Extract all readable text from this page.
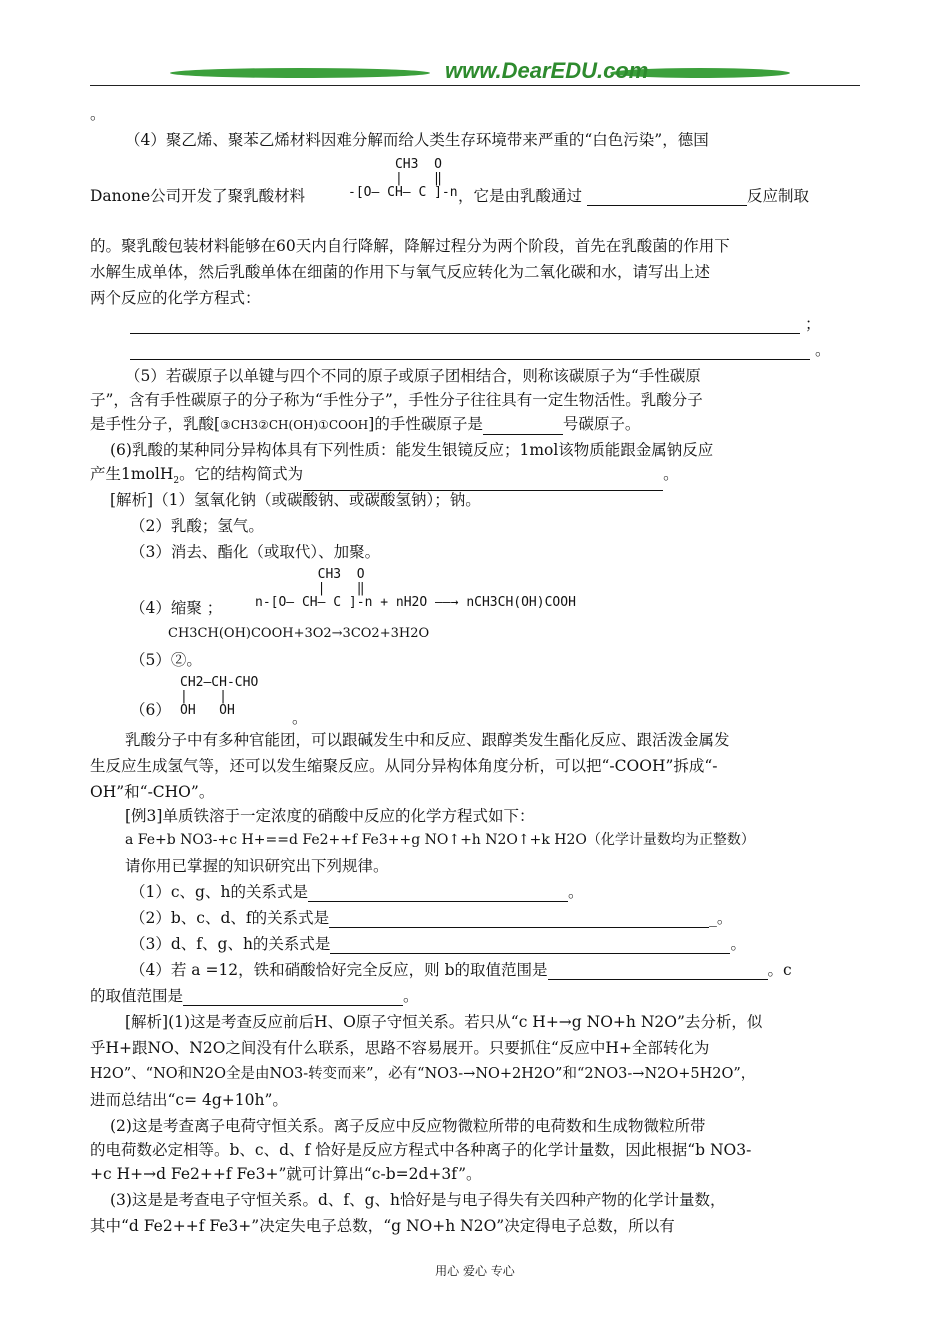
www.DearEDU.com
。
（4）聚乙烯、聚苯乙烯材料因难分解而给人类生存环境带来严重的“白色污染”，德国
Danone公司开发了聚乳酸材料
CH3  O
|    ‖
-[O— CH— C ]-n ，它是由乳酸通过	反应制取
的。聚乳酸包装材料能够在60天内自行降解，降解过程分为两个阶段，首先在乳酸菌的作用下
水解生成单体，然后乳酸单体在细菌的作用下与氧气反应转化为二氧化碳和水，请写出上述
两个反应的化学方程式：
；
。
（5）若碳原子以单键与四个不同的原子或原子团相结合，则称该碳原子为“手性碳原
子”，含有手性碳原子的分子称为“手性分子”，手性分子往往具有一定生物活性。乳酸分子
是手性分子，乳酸[③CH3②CH(OH)①COOH]的手性碳原子是	号碳原子。
(6)乳酸的某种同分异构体具有下列性质：能发生银镜反应；1mol该物质能跟金属钠反应
产生1molH$_2$。它的结构简式为	。
[解析]（1）氢氧化钠（或碳酸钠、或碳酸氢钠）；钠。
（2）乳酸；氢气。
（3）消去、酯化（或取代）、加聚。
（4）缩聚 ；
CH3  O
|    ‖
n-[O— CH— C ]-n + nH2O ——→ nCH3CH(OH)COOH
CH3CH(OH)COOH+3O2→3CO2+3H2O
（5）②。
CH2—CH-CHO
|    |
OH   OH
（6）	。
乳酸分子中有多种官能团，可以跟碱发生中和反应、跟醇类发生酯化反应、跟活泼金属发
生反应生成氢气等，还可以发生缩聚反应。从同分异构体角度分析，可以把“-COOH”拆成“-
OH”和“-CHO”。
[例3]单质铁溶于一定浓度的硝酸中反应的化学方程式如下：
a Fe+b NO3-+c H+==d Fe2++f Fe3++g NO↑+h N2O↑+k H2O（化学计量数均为正整数）
请你用已掌握的知识研究出下列规律。
（1）c、g、h的关系式是	。
（2）b、c、d、f的关系式是	_。
（3）d、f、g、h的关系式是	。
（4）若 a =12，铁和硝酸恰好完全反应，则 b的取值范围是	。c
的取值范围是	。
[解析](1)这是考查反应前后H、O原子守恒关系。若只从“c H+→g NO+h N2O”去分析，似
乎H+跟NO、N2O之间没有什么联系，思路不容易展开。只要抓住“反应中H+全部转化为
H2O”、“NO和N2O全是由NO3-转变而来”，必有“NO3-→NO+2H2O”和“2NO3-→N2O+5H2O”，
进而总结出“c= 4g+10h”。
(2)这是考查离子电荷守恒关系。离子反应中反应物微粒所带的电荷数和生成物微粒所带
的电荷数必定相等。b、c、d、f 恰好是反应方程式中各种离子的化学计量数，因此根据“b NO3-
+c H+→d Fe2++f Fe3+”就可计算出“c-b=2d+3f”。
(3)这是是考查电子守恒关系。d、f、g、h恰好是与电子得失有关四种产物的化学计量数，
其中“d Fe2++f Fe3+”决定失电子总数，“g NO+h N2O”决定得电子总数，所以有
用心 爱心 专心
